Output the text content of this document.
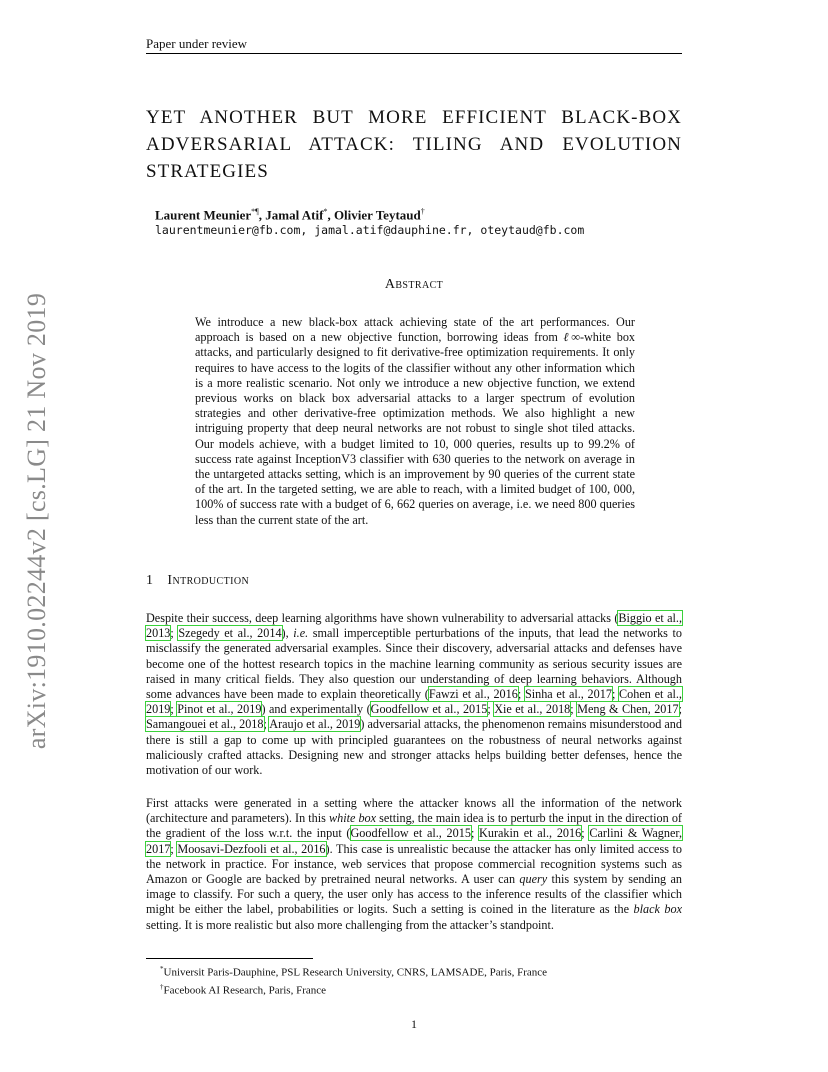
Paper under review
arXiv:1910.02244v2 [cs.LG] 21 Nov 2019
YET ANOTHER BUT MORE EFFICIENT BLACK-BOX
ADVERSARIAL ATTACK: TILING AND EVOLUTION
STRATEGIES
Laurent Meunier*¶, Jamal Atif*, Olivier Teytaud†
laurentmeunier@fb.com, jamal.atif@dauphine.fr, oteytaud@fb.com
Abstract
We introduce a new black-box attack achieving state of the art performances. Our approach is based on a new objective function, borrowing ideas from ℓ∞-white box attacks, and particularly designed to fit derivative-free optimization requirements. It only requires to have access to the logits of the classifier without any other information which is a more realistic scenario. Not only we introduce a new objective function, we extend previous works on black box adversarial attacks to a larger spectrum of evolution strategies and other derivative-free optimization methods. We also highlight a new intriguing property that deep neural networks are not robust to single shot tiled attacks. Our models achieve, with a budget limited to 10, 000 queries, results up to 99.2% of success rate against InceptionV3 classifier with 630 queries to the network on average in the untargeted attacks setting, which is an improvement by 90 queries of the current state of the art. In the targeted setting, we are able to reach, with a limited budget of 100, 000, 100% of success rate with a budget of 6, 662 queries on average, i.e. we need 800 queries less than the current state of the art.
1 Introduction
Despite their success, deep learning algorithms have shown vulnerability to adversarial attacks (Biggio et al., 2013; Szegedy et al., 2014), i.e. small imperceptible perturbations of the inputs, that lead the networks to misclassify the generated adversarial examples. Since their discovery, adversarial attacks and defenses have become one of the hottest research topics in the machine learning community as serious security issues are raised in many critical fields. They also question our understanding of deep learning behaviors. Although some advances have been made to explain theoretically (Fawzi et al., 2016; Sinha et al., 2017; Cohen et al., 2019; Pinot et al., 2019) and experimentally (Goodfellow et al., 2015; Xie et al., 2018; Meng & Chen, 2017; Samangouei et al., 2018; Araujo et al., 2019) adversarial attacks, the phenomenon remains misunderstood and there is still a gap to come up with principled guarantees on the robustness of neural networks against maliciously crafted attacks. Designing new and stronger attacks helps building better defenses, hence the motivation of our work.
First attacks were generated in a setting where the attacker knows all the information of the network (architecture and parameters). In this white box setting, the main idea is to perturb the input in the direction of the gradient of the loss w.r.t. the input (Goodfellow et al., 2015; Kurakin et al., 2016; Carlini & Wagner, 2017; Moosavi-Dezfooli et al., 2016). This case is unrealistic because the attacker has only limited access to the network in practice. For instance, web services that propose commercial recognition systems such as Amazon or Google are backed by pretrained neural networks. A user can query this system by sending an image to classify. For such a query, the user only has access to the inference results of the classifier which might be either the label, probabilities or logits. Such a setting is coined in the literature as the black box setting. It is more realistic but also more challenging from the attacker’s standpoint.
*Universit Paris-Dauphine, PSL Research University, CNRS, LAMSADE, Paris, France
†Facebook AI Research, Paris, France
1
